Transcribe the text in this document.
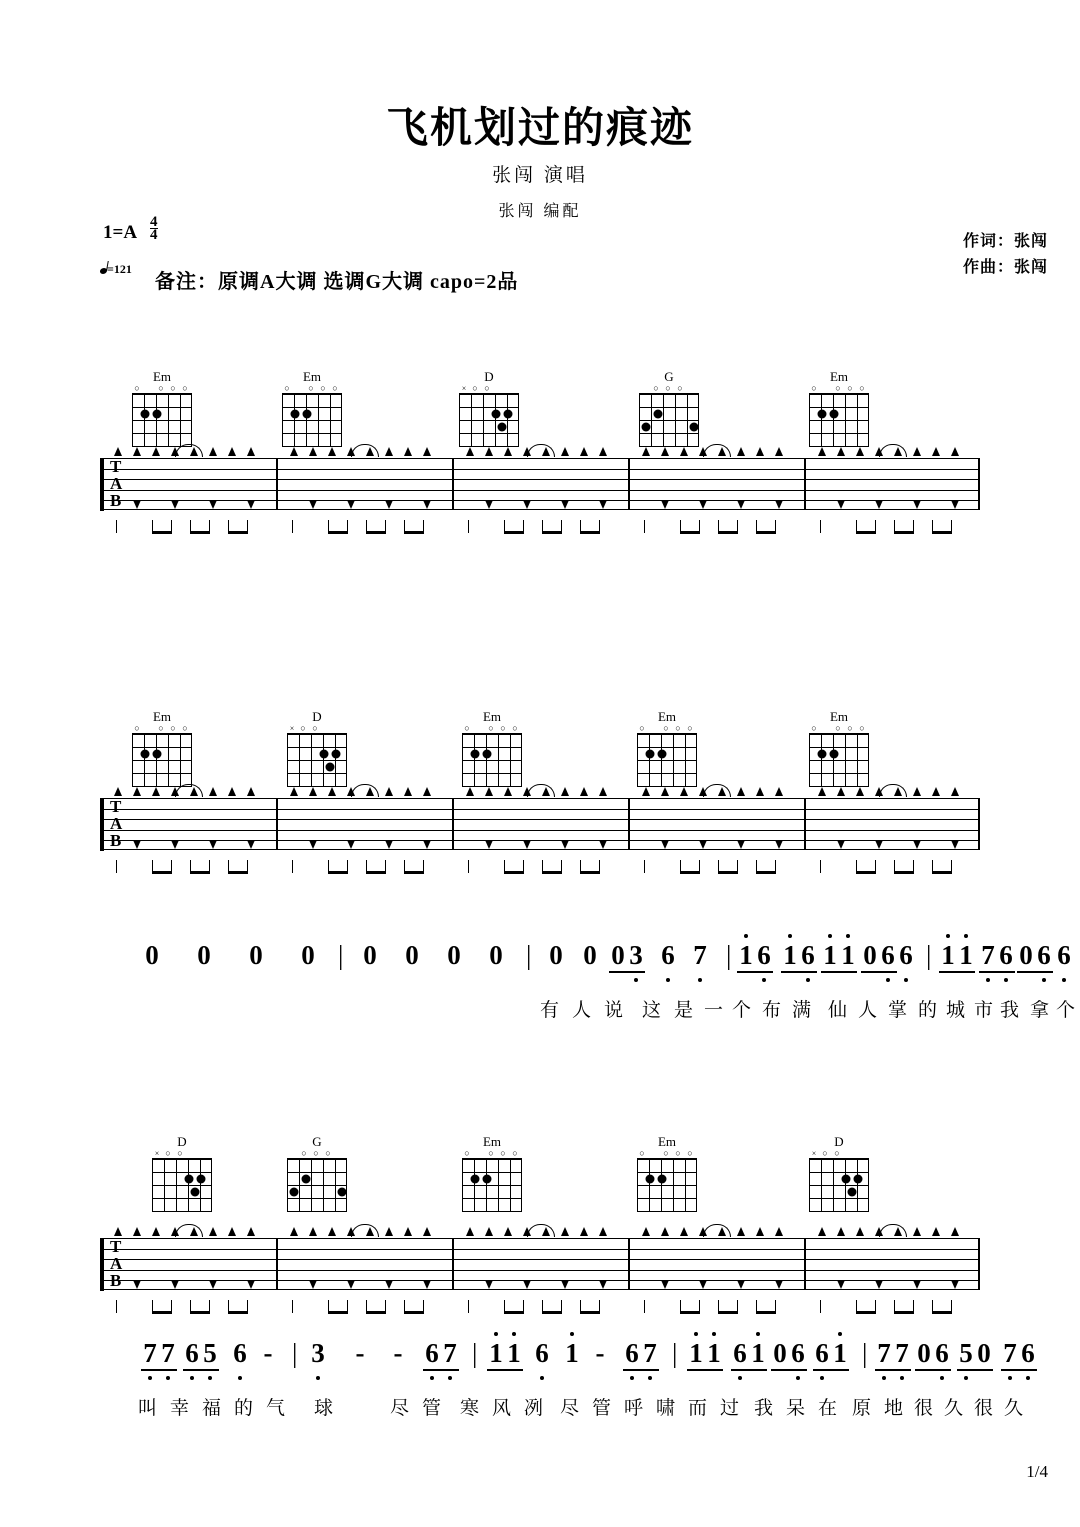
飞机划过的痕迹
张闯 演唱
张闯 编配
1=A 4
4
=121
备注：原调A大调 选调G大调 capo=2品
作词：张闯
作曲：张闯
1/4
Em
○ ○ ○ ○
Em
○ ○ ○ ○
D
× ○ ○
G
○ ○ ○
Em
○ ○ ○ ○
T
A
B
Em
○ ○ ○ ○
D
× ○ ○
Em
○ ○ ○ ○
Em
○ ○ ○ ○
Em
○ ○ ○ ○
T
A
B
0 0 0 0 | 0 0 0 0 | 0 0 0 3 6 7 | 1 6 1 6 1 1 0 6 6 | 1 1 7 6 0 6 6
有 人 说 这 是 一 个 布 满 仙 人 掌 的 城 市 我 拿 个
D
× ○ ○
G
○ ○ ○
Em
○ ○ ○ ○
Em
○ ○ ○ ○
D
× ○ ○
T
A
B
7 7 6 5 6 - | 3 - - 6 7 | 1 1 6 1 - 6 7 | 1 1 6 1 0 6 6 1 | 7 7 0 6 5 0 7 6
叫 幸 福 的 气 球	尽 管 寒 风 冽 尽 管 呼 啸 而 过 我 呆 在 原 地 很 久 很 久
